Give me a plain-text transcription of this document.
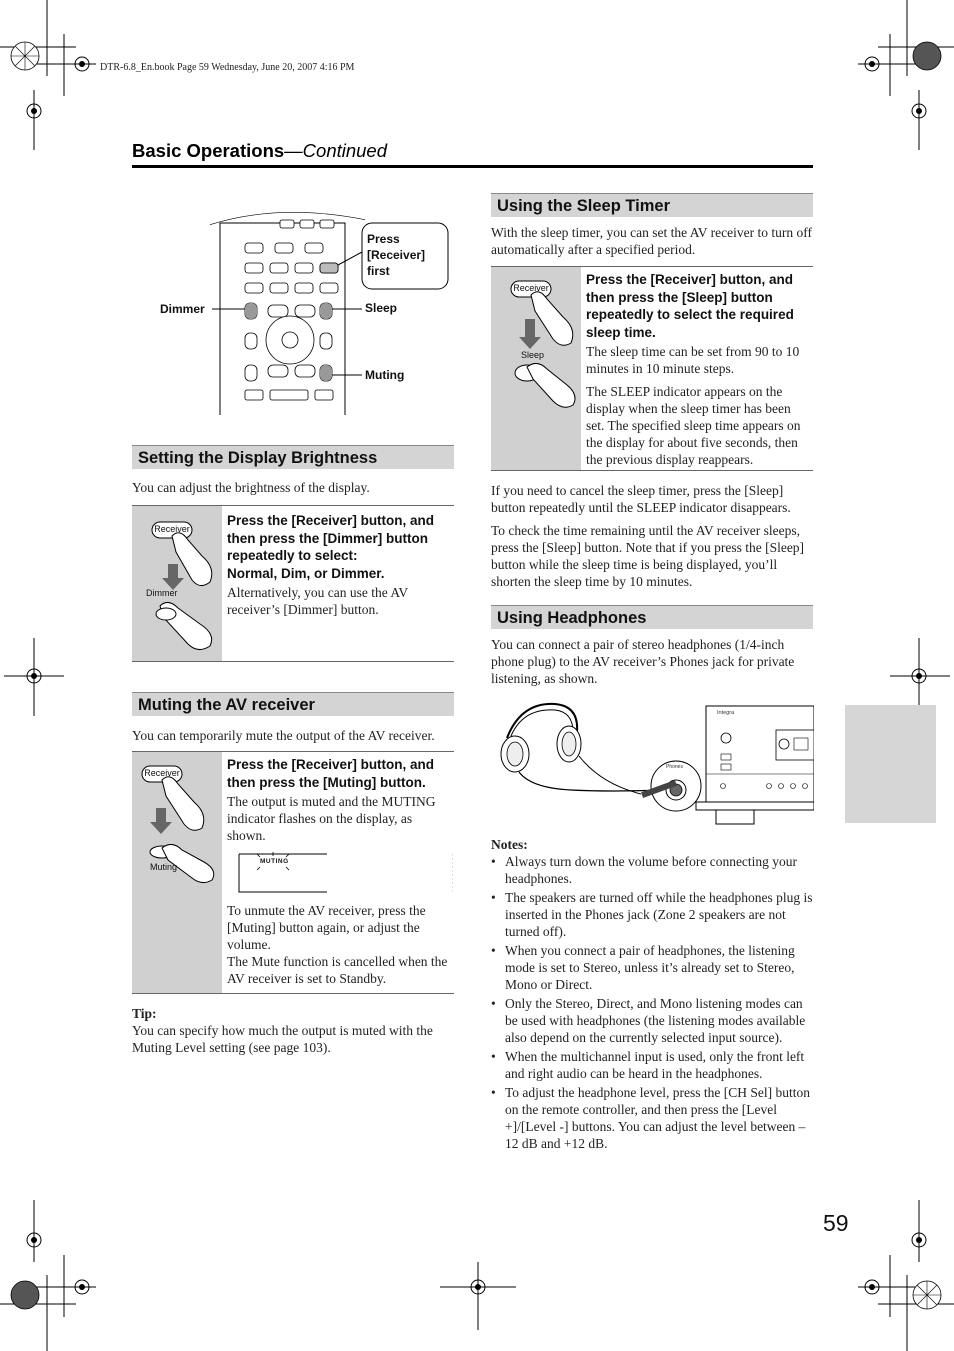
DTR-6.8_En.book Page 59 Wednesday, June 20, 2007 4:16 PM
Basic Operations—Continued
Press [Receiver] first
Dimmer	Sleep
Muting
Setting the Display Brightness
You can adjust the brightness of the display.
Receiver
Dimmer
Press the [Receiver] button, and then press the [Dimmer] button repeatedly to select:
Normal, Dim, or Dimmer.
Alternatively, you can use the AV receiver’s [Dimmer] button.
Muting the AV receiver
You can temporarily mute the output of the AV receiver.
Receiver
Muting
Press the [Receiver] button, and then press the [Muting] button.
The output is muted and the MUTING indicator flashes on the display, as shown.
MUTING
To unmute the AV receiver, press the [Muting] button again, or adjust the volume.
The Mute function is cancelled when the AV receiver is set to Standby.
Tip:
You can specify how much the output is muted with the Muting Level setting (see page 103).
Using the Sleep Timer
With the sleep timer, you can set the AV receiver to turn off automatically after a specified period.
Receiver
Sleep
Press the [Receiver] button, and then press the [Sleep] button repeatedly to select the required sleep time.
The sleep time can be set from 90 to 10 minutes in 10 minute steps.
The SLEEP indicator appears on the display when the sleep timer has been set. The specified sleep time appears on the display for about five seconds, then the previous display reappears.
If you need to cancel the sleep timer, press the [Sleep] button repeatedly until the SLEEP indicator disappears.
To check the time remaining until the AV receiver sleeps, press the [Sleep] button. Note that if you press the [Sleep] button while the sleep time is being displayed, you’ll shorten the sleep time by 10 minutes.
Using Headphones
You can connect a pair of stereo headphones (1/4-inch phone plug) to the AV receiver’s Phones jack for private listening, as shown.
Phones
Integra
Notes:
• Always turn down the volume before connecting your headphones.
• The speakers are turned off while the headphones plug is inserted in the Phones jack (Zone 2 speakers are not turned off).
• When you connect a pair of headphones, the listening mode is set to Stereo, unless it’s already set to Stereo, Mono or Direct.
• Only the Stereo, Direct, and Mono listening modes can be used with headphones (the listening modes available also depend on the currently selected input source).
• When the multichannel input is used, only the front left and right audio can be heard in the headphones.
• To adjust the headphone level, press the [CH Sel] button on the remote controller, and then press the [Level +]/[Level -] buttons. You can adjust the level between –12 dB and +12 dB.
59
